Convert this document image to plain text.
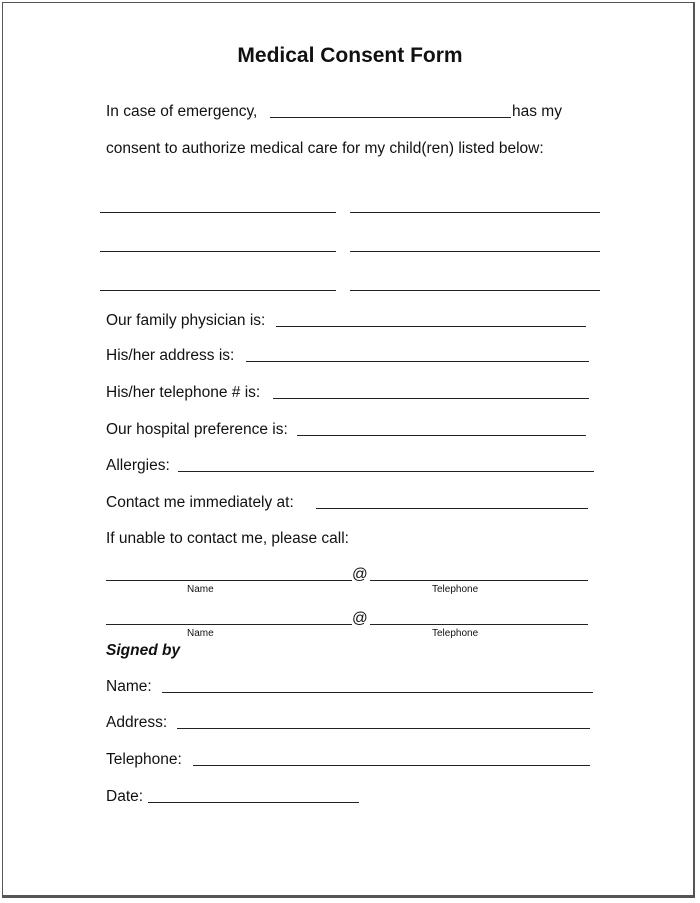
Medical Consent Form
In case of emergency,	has my
consent to authorize medical care for my child(ren) listed below:
Our family physician is:
His/her address is:
His/her telephone # is:
Our hospital preference is:
Allergies:
Contact me immediately at:
If unable to contact me, please call:
@
Name	Telephone
@
Name	Telephone
Signed by
Name:
Address:
Telephone:
Date:
